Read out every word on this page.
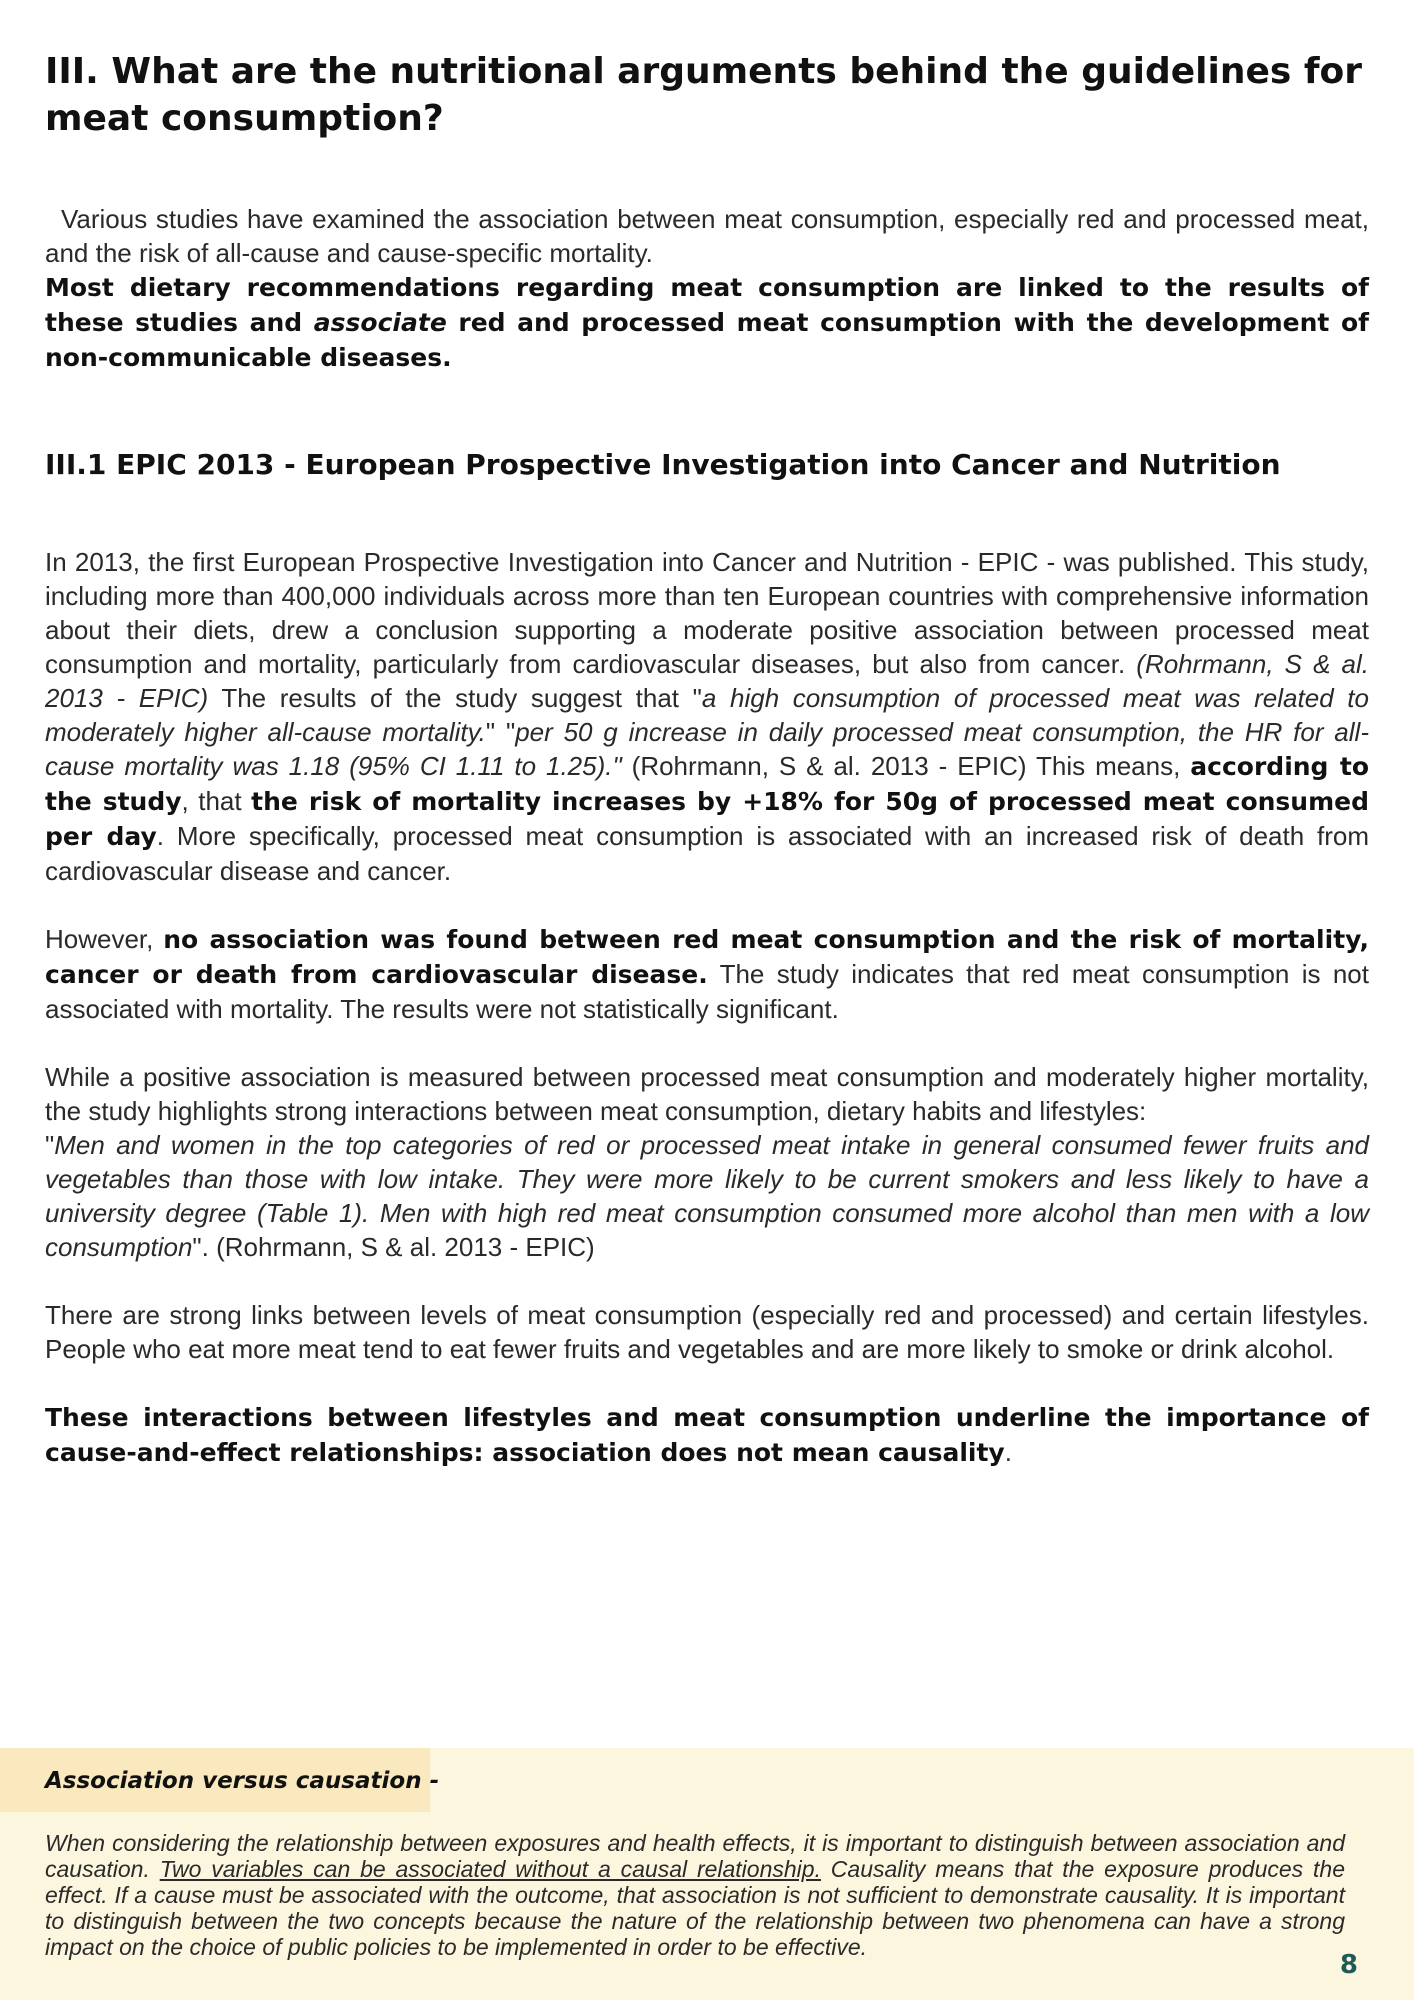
III. What are the nutritional arguments behind the guidelines for meat consumption?

Various studies have examined the association between meat consumption, especially red and processed meat, and the risk of all-cause and cause-specific mortality.

Most dietary recommendations regarding meat consumption are linked to the results of these studies and associate red and processed meat consumption with the development of non-communicable diseases.

III.1 EPIC 2013 - European Prospective Investigation into Cancer and Nutrition

In 2013, the first European Prospective Investigation into Cancer and Nutrition - EPIC - was published. This study, including more than 400,000 individuals across more than ten European countries with comprehensive information about their diets, drew a conclusion supporting a moderate positive association between processed meat consumption and mortality, particularly from cardiovascular diseases, but also from cancer. (Rohrmann, S & al. 2013 - EPIC) The results of the study suggest that "a high consumption of processed meat was related to moderately higher all-cause mortality." "per 50 g increase in daily processed meat consumption, the HR for all-cause mortality was 1.18 (95% CI 1.11 to 1.25)." (Rohrmann, S & al. 2013 - EPIC) This means, according to the study, that the risk of mortality increases by +18% for 50g of processed meat consumed per day. More specifically, processed meat consumption is associated with an increased risk of death from cardiovascular disease and cancer.

However, no association was found between red meat consumption and the risk of mortality, cancer or death from cardiovascular disease. The study indicates that red meat consumption is not associated with mortality. The results were not statistically significant.

While a positive association is measured between processed meat consumption and moderately higher mortality, the study highlights strong interactions between meat consumption, dietary habits and lifestyles:
"Men and women in the top categories of red or processed meat intake in general consumed fewer fruits and vegetables than those with low intake. They were more likely to be current smokers and less likely to have a university degree (Table 1). Men with high red meat consumption consumed more alcohol than men with a low consumption". (Rohrmann, S & al. 2013 - EPIC)

There are strong links between levels of meat consumption (especially red and processed) and certain lifestyles. People who eat more meat tend to eat fewer fruits and vegetables and are more likely to smoke or drink alcohol.

These interactions between lifestyles and meat consumption underline the importance of cause-and-effect relationships: association does not mean causality.

Association versus causation -

When considering the relationship between exposures and health effects, it is important to distinguish between association and causation. Two variables can be associated without a causal relationship. Causality means that the exposure produces the effect. If a cause must be associated with the outcome, that association is not sufficient to demonstrate causality. It is important to distinguish between the two concepts because the nature of the relationship between two phenomena can have a strong impact on the choice of public policies to be implemented in order to be effective.

8
